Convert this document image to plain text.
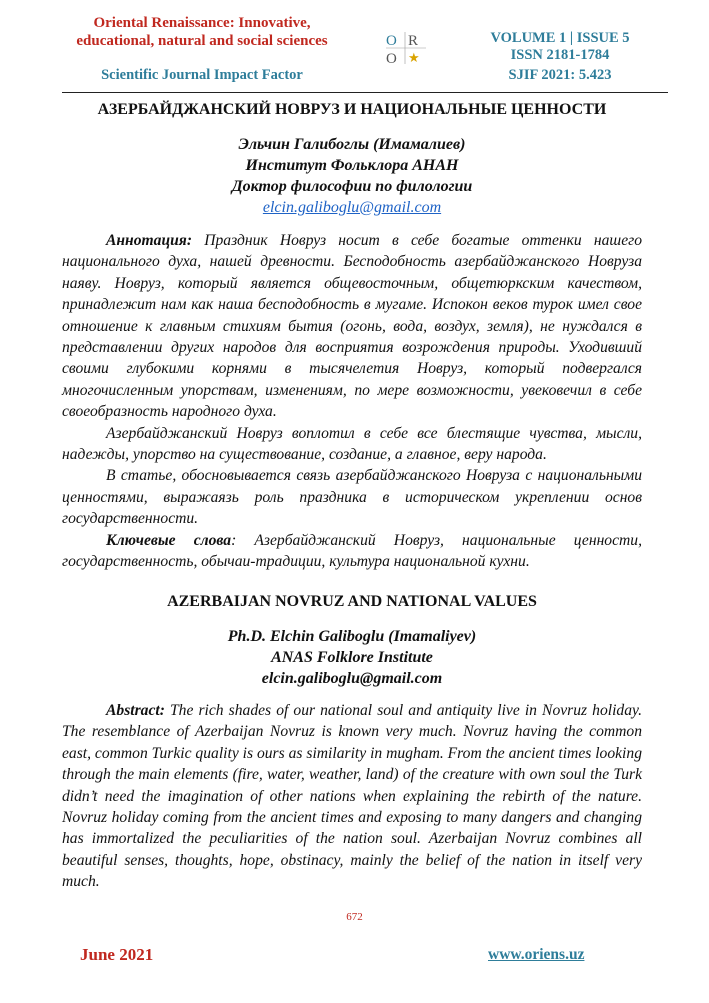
Oriental Renaissance: Innovative,
educational, natural and social sciences
Scientific Journal Impact Factor
O R
O ★
VOLUME 1 | ISSUE 5
ISSN 2181-1784
SJIF 2021: 5.423
АЗЕРБАЙДЖАНСКИЙ НОВРУЗ И НАЦИОНАЛЬНЫЕ ЦЕННОСТИ
Эльчин Галибоглы (Имамалиев)
Институт Фольклора АНАН
Доктор философии по филологии
elcin.galiboglu@gmail.com

Аннотация: Праздник Новруз носит в себе богатые оттенки нашего национального духа, нашей древности. Бесподобность азербайджанского Новруза наяву. Новруз, который является общевосточным, общетюркским качеством, принадлежит нам как наша бесподобность в мугаме. Испокон веков турок имел свое отношение к главным стихиям бытия (огонь, вода, воздух, земля), не нуждался в представлении других народов для восприятия возрождения природы. Уходивший своими глубокими корнями в тысячелетия Новруз, который подвергался многочисленным упорствам, изменениям, по мере возможности, увековечил в себе своеобразность народного духа.

Азербайджанский Новруз воплотил в себе все блестящие чувства, мысли, надежды, упорство на существование, создание, а главное, веру народа.

В статье, обосновывается связь азербайджанского Новруза с национальными ценностями, выражаязь роль праздника в историческом укреплении основ государственности.

Ключевые слова: Азербайджанский Новруз, национальные ценности, государственность, обычаи-традиции, культура национальной кухни.

AZERBAIJAN NOVRUZ AND NATIONAL VALUES
Ph.D. Elchin Galiboglu (Imamaliyev)
ANAS Folklore Institute
elcin.galiboglu@gmail.com

Abstract: The rich shades of our national soul and antiquity live in Novruz holiday. The resemblance of Azerbaijan Novruz is known very much. Novruz having the common east, common Turkic quality is ours as similarity in mugham. From the ancient times looking through the main elements (fire, water, weather, land) of the creature with own soul the Turk didn’t need the imagination of other nations when explaining the rebirth of the nature. Novruz holiday coming from the ancient times and exposing to many dangers and changing has immortalized the peculiarities of the nation soul. Azerbaijan Novruz combines all beautiful senses, thoughts, hope, obstinacy, mainly the belief of the nation in itself very much.

672
June 2021	www.oriens.uz
